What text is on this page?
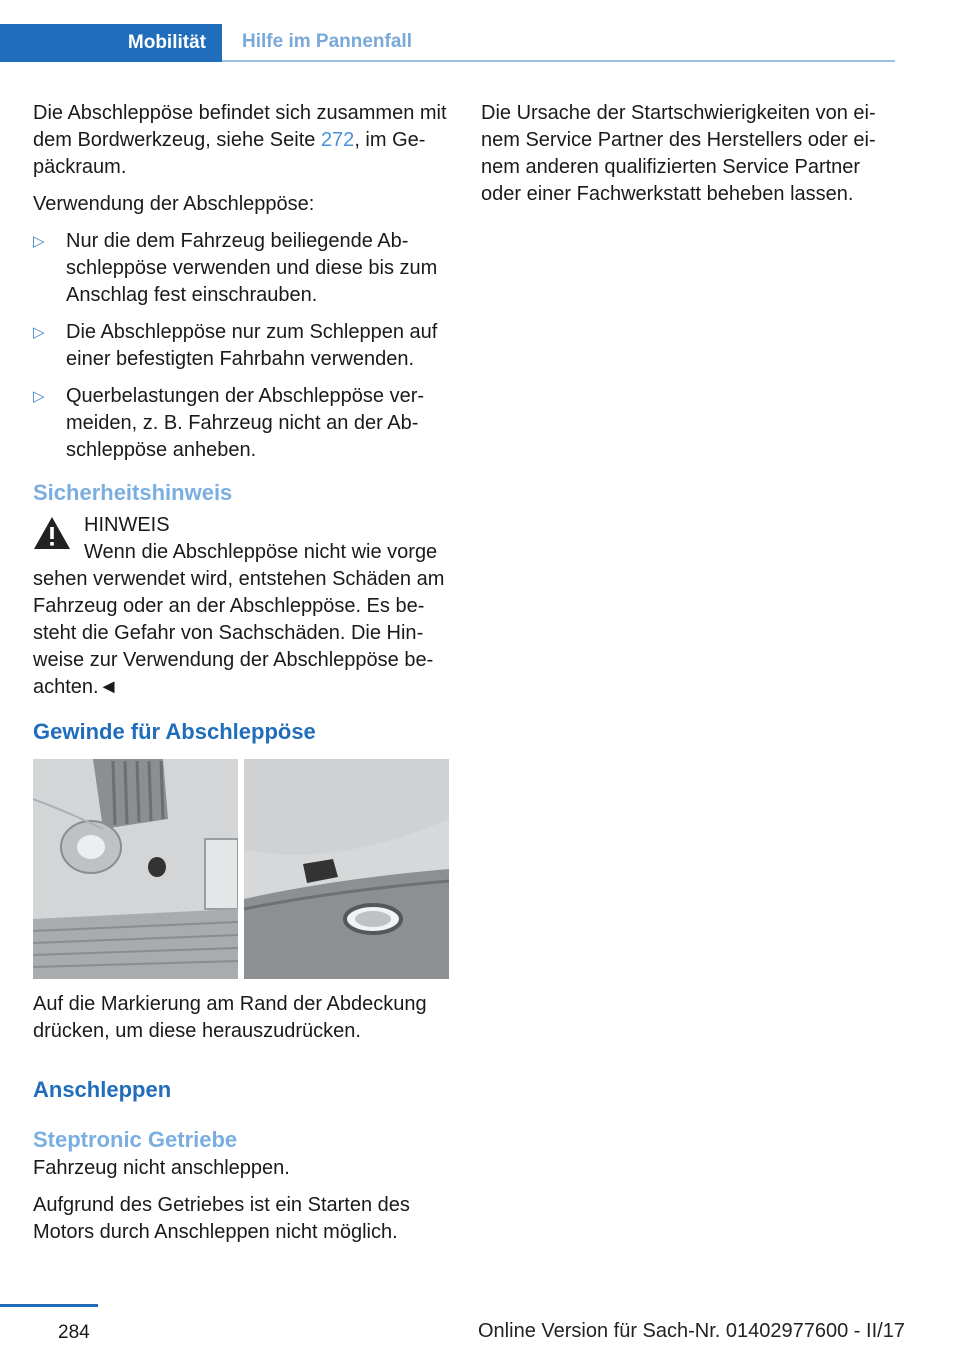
Mobilität	Hilfe im Pannenfall

Die Abschleppöse befindet sich zusammen mit dem Bordwerkzeug, siehe Seite 272, im Gepäckraum.

Verwendung der Abschleppöse:

▷ Nur die dem Fahrzeug beiliegende Abschleppöse verwenden und diese bis zum Anschlag fest einschrauben.
▷ Die Abschleppöse nur zum Schleppen auf einer befestigten Fahrbahn verwenden.
▷ Querbelastungen der Abschleppöse vermeiden, z. B. Fahrzeug nicht an der Abschleppöse anheben.
Sicherheitshinweis
HINWEIS
Wenn die Abschleppöse nicht wie vorge

sehen verwendet wird, entstehen Schäden am Fahrzeug oder an der Abschleppöse. Es besteht die Gefahr von Sachschäden. Die Hinweise zur Verwendung der Abschleppöse beachten.◄

Gewinde für Abschleppöse

Auf die Markierung am Rand der Abdeckung drücken, um diese herauszudrücken.

Anschleppen
Steptronic Getriebe

Fahrzeug nicht anschleppen.

Aufgrund des Getriebes ist ein Starten des Motors durch Anschleppen nicht möglich.

Die Ursache der Startschwierigkeiten von einem Service Partner des Herstellers oder einem anderen qualifizierten Service Partner oder einer Fachwerkstatt beheben lassen.

284	Online Version für Sach-Nr. 01402977600 - II/17
